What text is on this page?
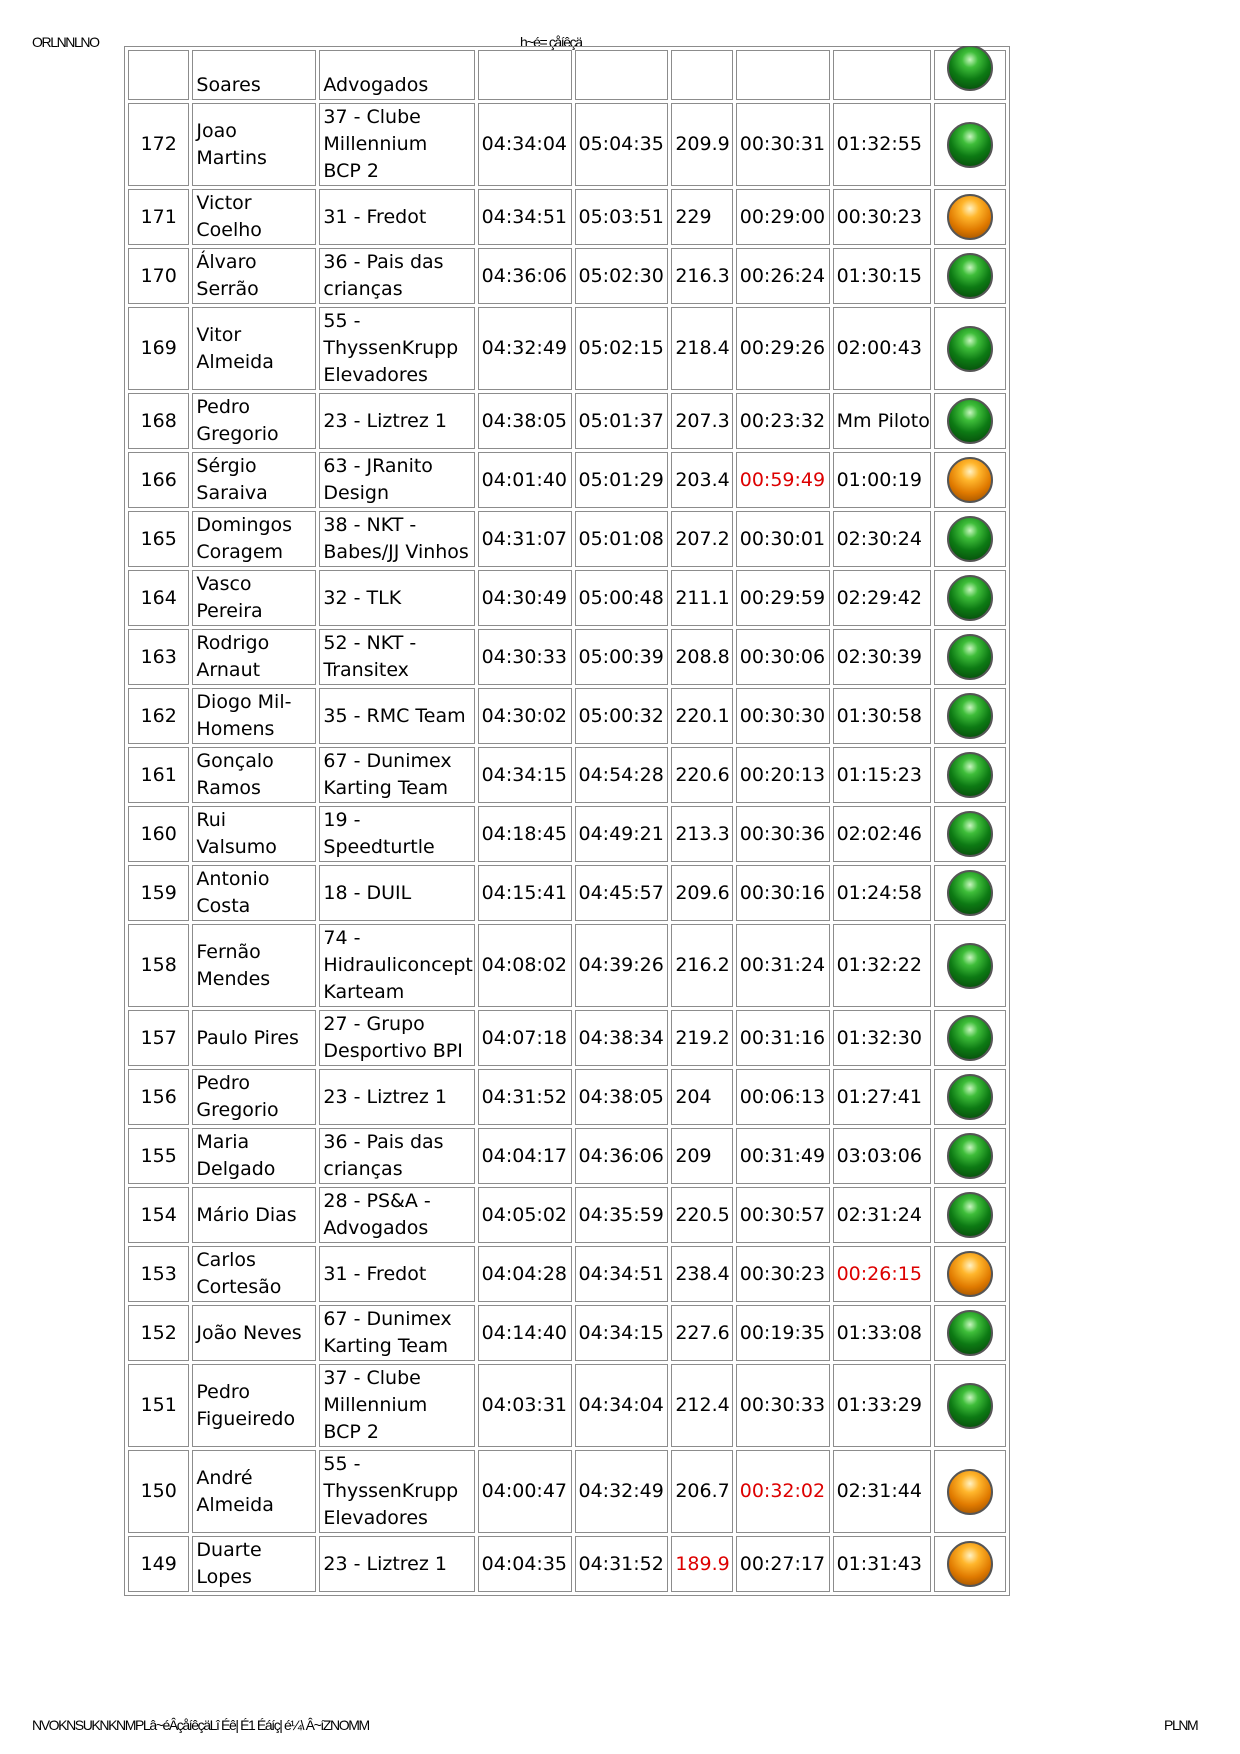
ORLNNLNO	h~é= çåíêçä
	Soares	Advogados						
172	Joao Martins	37 - Clube Millennium BCP 2	04:34:04	05:04:35	209.9	00:30:31	01:32:55	
171	Victor Coelho	31 - Fredot	04:34:51	05:03:51	229	00:29:00	00:30:23	
170	Álvaro Serrão	36 - Pais das crianças	04:36:06	05:02:30	216.3	00:26:24	01:30:15	
169	Vitor Almeida	55 - ThyssenKrupp Elevadores	04:32:49	05:02:15	218.4	00:29:26	02:00:43	
168	Pedro Gregorio	23 - Liztrez 1	04:38:05	05:01:37	207.3	00:23:32	Mm Piloto	
166	Sérgio Saraiva	63 - JRanito Design	04:01:40	05:01:29	203.4	00:59:49	01:00:19	
165	Domingos Coragem	38 - NKT - Babes/JJ Vinhos	04:31:07	05:01:08	207.2	00:30:01	02:30:24	
164	Vasco Pereira	32 - TLK	04:30:49	05:00:48	211.1	00:29:59	02:29:42	
163	Rodrigo Arnaut	52 - NKT - Transitex	04:30:33	05:00:39	208.8	00:30:06	02:30:39	
162	Diogo Mil-Homens	35 - RMC Team	04:30:02	05:00:32	220.1	00:30:30	01:30:58	
161	Gonçalo Ramos	67 - Dunimex Karting Team	04:34:15	04:54:28	220.6	00:20:13	01:15:23	
160	Rui Valsumo	19 - Speedturtle	04:18:45	04:49:21	213.3	00:30:36	02:02:46	
159	Antonio Costa	18 - DUIL	04:15:41	04:45:57	209.6	00:30:16	01:24:58	
158	Fernão Mendes	74 - Hidrauliconcept Karteam	04:08:02	04:39:26	216.2	00:31:24	01:32:22	
157	Paulo Pires	27 - Grupo Desportivo BPI	04:07:18	04:38:34	219.2	00:31:16	01:32:30	
156	Pedro Gregorio	23 - Liztrez 1	04:31:52	04:38:05	204	00:06:13	01:27:41	
155	Maria Delgado	36 - Pais das crianças	04:04:17	04:36:06	209	00:31:49	03:03:06	
154	Mário Dias	28 - PS&A - Advogados	04:05:02	04:35:59	220.5	00:30:57	02:31:24	
153	Carlos Cortesão	31 - Fredot	04:04:28	04:34:51	238.4	00:30:23	00:26:15	
152	João Neves	67 - Dunimex Karting Team	04:14:40	04:34:15	227.6	00:19:35	01:33:08	
151	Pedro Figueiredo	37 - Clube Millennium BCP 2	04:03:31	04:34:04	212.4	00:30:33	01:33:29	
150	André Almeida	55 - ThyssenKrupp Elevadores	04:00:47	04:32:49	206.7	00:32:02	02:31:44	
149	Duarte Lopes	23 - Liztrez 1	04:04:35	04:31:52	189.9	00:27:17	01:31:43	
NVOKNSUKNKNMPLâ~éÂçåíêçäLî Éê| É1 Éáíç| é¼\ Â~íZNOMM	PLNM
